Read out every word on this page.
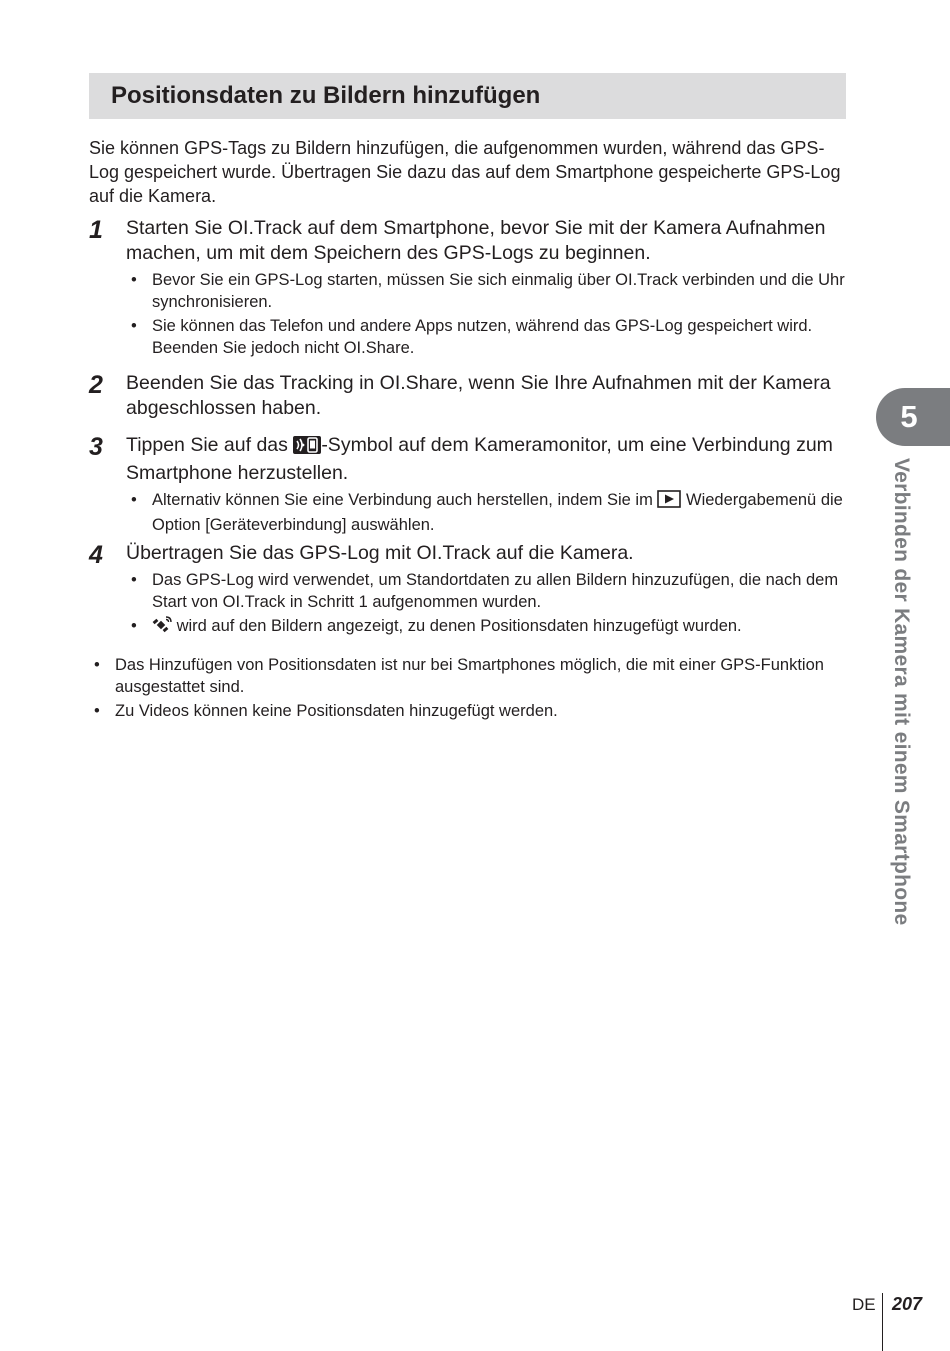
Positionsdaten zu Bildern hinzufügen

Sie können GPS-Tags zu Bildern hinzufügen, die aufgenommen wurden, während das GPS-Log gespeichert wurde. Übertragen Sie dazu das auf dem Smartphone gespeicherte GPS-Log auf die Kamera.

1 Starten Sie OI.Track auf dem Smartphone, bevor Sie mit der Kamera Aufnahmen machen, um mit dem Speichern des GPS-Logs zu beginnen.
• Bevor Sie ein GPS-Log starten, müssen Sie sich einmalig über OI.Track verbinden und die Uhr synchronisieren.
• Sie können das Telefon und andere Apps nutzen, während das GPS-Log gespeichert wird. Beenden Sie jedoch nicht OI.Share.
2 Beenden Sie das Tracking in OI.Share, wenn Sie Ihre Aufnahmen mit der Kamera abgeschlossen haben.
3 Tippen Sie auf das -Symbol auf dem Kameramonitor, um eine Verbindung zum Smartphone herzustellen.
• Alternativ können Sie eine Verbindung auch herstellen, indem Sie im  Wiedergabemenü die Option [Geräteverbindung] auswählen.
4 Übertragen Sie das GPS-Log mit OI.Track auf die Kamera.
• Das GPS-Log wird verwendet, um Standortdaten zu allen Bildern hinzuzufügen, die nach dem Start von OI.Track in Schritt 1 aufgenommen wurden.
• wird auf den Bildern angezeigt, zu denen Positionsdaten hinzugefügt wurden.
• Das Hinzufügen von Positionsdaten ist nur bei Smartphones möglich, die mit einer GPS-Funktion ausgestattet sind.
• Zu Videos können keine Positionsdaten hinzugefügt werden.
5
Verbinden der Kamera mit einem Smartphone
DE 207
